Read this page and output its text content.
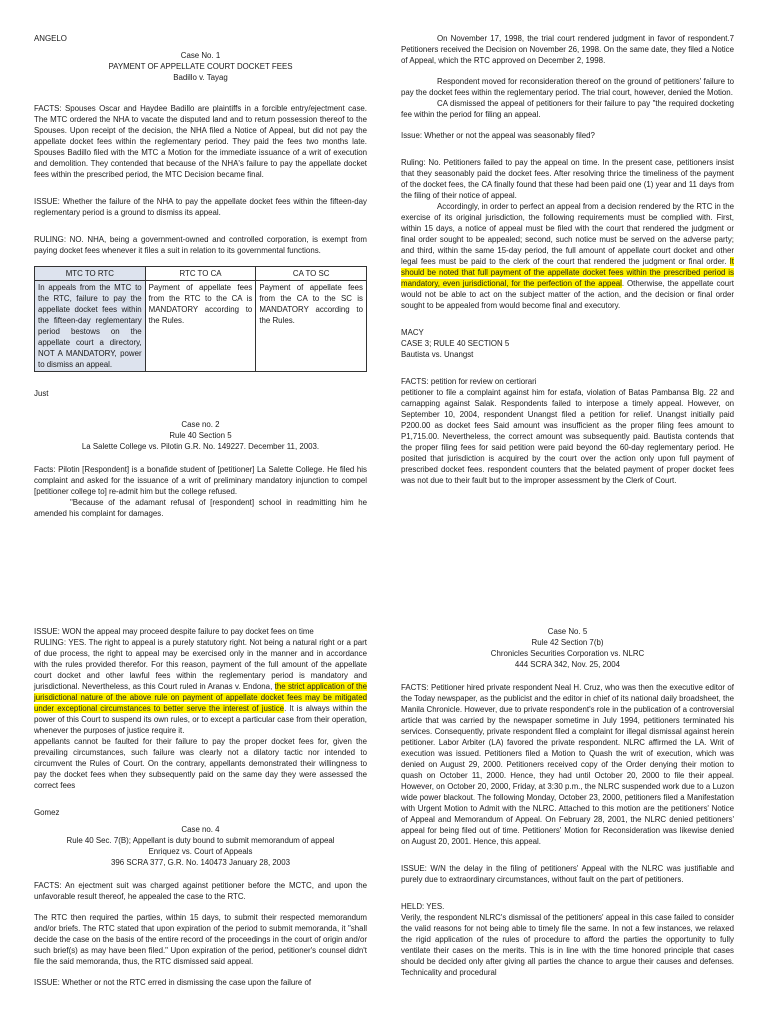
ANGELO

Case No. 1

PAYMENT OF APPELLATE COURT DOCKET FEES

Badillo v. Tayag

FACTS: Spouses Oscar and Haydee Badillo are plaintiffs in a forcible entry/ejectment case. The MTC ordered the NHA to vacate the disputed land and to return possession thereof to the Spouses. Upon receipt of the decision, the NHA filed a Notice of Appeal, but did not pay the appellate docket fees within the reglementary period. They paid the fees two months late. Spouses Badillo filed with the MTC a Motion for the immediate issuance of a writ of execution and demolition. They contended that because of the NHA's failure to pay the appellate docket fees within the prescribed period, the MTC Decision became final.

ISSUE: Whether the failure of the NHA to pay the appellate docket fees within the fifteen-day reglementary period is a ground to dismiss its appeal.

RULING: NO. NHA, being a government-owned and controlled corporation, is exempt from paying docket fees whenever it files a suit in relation to its governmental functions.

MTC TO RTC	RTC TO CA	CA TO SC
In appeals from the MTC to the RTC, failure to pay the appellate docket fees within the fifteen-day reglementary period bestows on the appellate court a directory, NOT A MANDATORY, power to dismiss an appeal.	Payment of appellate fees from the RTC to the CA is MANDATORY according to the Rules.	Payment of appellate fees from the CA to the SC is MANDATORY according to the Rules.

Just

Case no. 2

Rule 40 Section 5

La Salette College vs. Pilotin G.R. No. 149227. December 11, 2003.

Facts: Pilotin [Respondent] is a bonafide student of [petitioner] La Salette College. He filed his complaint and asked for the issuance of a writ of preliminary mandatory injunction to compel [petitioner college to] re-admit him but the college refused.

"Because of the adamant refusal of [respondent] school in readmitting him he amended his complaint for damages.

On November 17, 1998, the trial court rendered judgment in favor of respondent.7 Petitioners received the Decision on November 26, 1998. On the same date, they filed a Notice of Appeal, which the RTC approved on December 2, 1998.

Respondent moved for reconsideration thereof on the ground of petitioners' failure to pay the docket fees within the reglementary period. The trial court, however, denied the Motion.

CA dismissed the appeal of petitioners for their failure to pay "the required docketing fee within the period for filing an appeal.

Issue: Whether or not the appeal was seasonably filed?

Ruling: No. Petitioners failed to pay the appeal on time. In the present case, petitioners insist that they seasonably paid the docket fees. After resolving thrice the timeliness of the payment of the docket fees, the CA finally found that these had been paid one (1) year and 11 days from the filing of their notice of appeal.

Accordingly, in order to perfect an appeal from a decision rendered by the RTC in the exercise of its original jurisdiction, the following requirements must be complied with. First, within 15 days, a notice of appeal must be filed with the court that rendered the judgment or final order sought to be appealed; second, such notice must be served on the adverse party; and third, within the same 15-day period, the full amount of appellate court docket and other legal fees must be paid to the clerk of the court that rendered the judgment or final order. It should be noted that full payment of the appellate docket fees within the prescribed period is mandatory, even jurisdictional, for the perfection of the appeal. Otherwise, the appellate court would not be able to act on the subject matter of the action, and the decision or final order sought to be appealed from would become final and executory.

MACY

CASE 3; RULE 40 SECTION 5

Bautista vs. Unangst

FACTS: petition for review on certiorari

petitioner to file a complaint against him for estafa, violation of Batas Pambansa Blg. 22 and carnapping against Salak. Respondents failed to interpose a timely appeal. However, on September 10, 2004, respondent Unangst filed a petition for relief. Unangst initially paid P200.00 as docket fees Said amount was insufficient as the proper filing fees amount to P1,715.00. Nevertheless, the correct amount was subsequently paid. Bautista contends that the proper filing fees for said petition were paid beyond the 60-day reglementary period. He posited that jurisdiction is acquired by the court over the action only upon full payment of prescribed docket fees. respondent counters that the belated payment of proper docket fees was not due to their fault but to the improper assessment by the Clerk of Court.

ISSUE: WON the appeal may proceed despite failure to pay docket fees on time

RULING: YES. The right to appeal is a purely statutory right. Not being a natural right or a part of due process, the right to appeal may be exercised only in the manner and in accordance with the rules provided therefor. For this reason, payment of the full amount of the appellate court docket and other lawful fees within the reglementary period is mandatory and jurisdictional. Nevertheless, as this Court ruled in Aranas v. Endona, the strict application of the jurisdictional nature of the above rule on payment of appellate docket fees may be mitigated under exceptional circumstances to better serve the interest of justice. It is always within the power of this Court to suspend its own rules, or to except a particular case from their operation, whenever the purposes of justice require it.

appellants cannot be faulted for their failure to pay the proper docket fees for, given the prevailing circumstances, such failure was clearly not a dilatory tactic nor intended to circumvent the Rules of Court. On the contrary, appellants demonstrated their willingness to pay the docket fees when they subsequently paid on the same day they were assessed the correct fees

Gomez

Case no. 4

Rule 40 Sec. 7(B); Appellant is duty bound to submit memorandum of appeal

Enriquez vs. Court of Appeals

396 SCRA 377, G.R. No. 140473 January 28, 2003

FACTS: An ejectment suit was charged against petitioner before the MCTC, and upon the unfavorable result thereof, he appealed the case to the RTC.

The RTC then required the parties, within 15 days, to submit their respected memorandum and/or briefs. The RTC stated that upon expiration of the period to submit memoranda, it "shall decide the case on the basis of the entire record of the proceedings in the court of origin and/or such brief(s) as may have been filed." Upon expiration of the period, petitioner's counsel didn't file the said memoranda, thus, the RTC dismissed said appeal.

ISSUE: Whether or not the RTC erred in dismissing the case upon the failure of

Case No. 5

Rule 42 Section 7(b)

Chronicles Securities Corporation vs. NLRC

444 SCRA 342, Nov. 25, 2004

FACTS: Petitioner hired private respondent Neal H. Cruz, who was then the executive editor of the Today newspaper, as the publicist and the editor in chief of its national daily broadsheet, the Manila Chronicle. However, due to private respondent's role in the publication of a controversial article that was carried by the newspaper sometime in July 1994, petitioners terminated his services. Consequently, private respondent filed a complaint for illegal dismissal against herein petitioner. Labor Arbiter (LA) favored the private respondent. NLRC affirmed the LA. Writ of execution was issued. Petitioners filed a Motion to Quash the writ of execution, which was denied on August 29, 2000. Petitioners received copy of the Order denying their motion to quash on October 11, 2000. Hence, they had until October 20, 2000 to file their appeal. However, on October 20, 2000, Friday, at 3:30 p.m., the NLRC suspended work due to a Luzon wide power blackout. The following Monday, October 23, 2000, petitioners filed a Manifestation with Urgent Motion to Admit with the NLRC. Attached to this motion are the petitioners' Notice of Appeal and Memorandum of Appeal. On February 28, 2001, the NLRC denied petitioners' appeal for being filed out of time. Petitioners' Motion for Reconsideration was likewise denied on August 20, 2001. Hence, this appeal.

ISSUE: W/N the delay in the filing of petitioners' Appeal with the NLRC was justifiable and purely due to extraordinary circumstances, without fault on the part of petitioners.

HELD: YES.

Verily, the respondent NLRC's dismissal of the petitioners' appeal in this case failed to consider the valid reasons for not being able to timely file the same. In not a few instances, we relaxed the rigid application of the rules of procedure to afford the parties the opportunity to fully ventilate their cases on the merits. This is in line with the time honored principle that cases should be decided only after giving all parties the chance to argue their causes and defenses. Technicality and procedural
